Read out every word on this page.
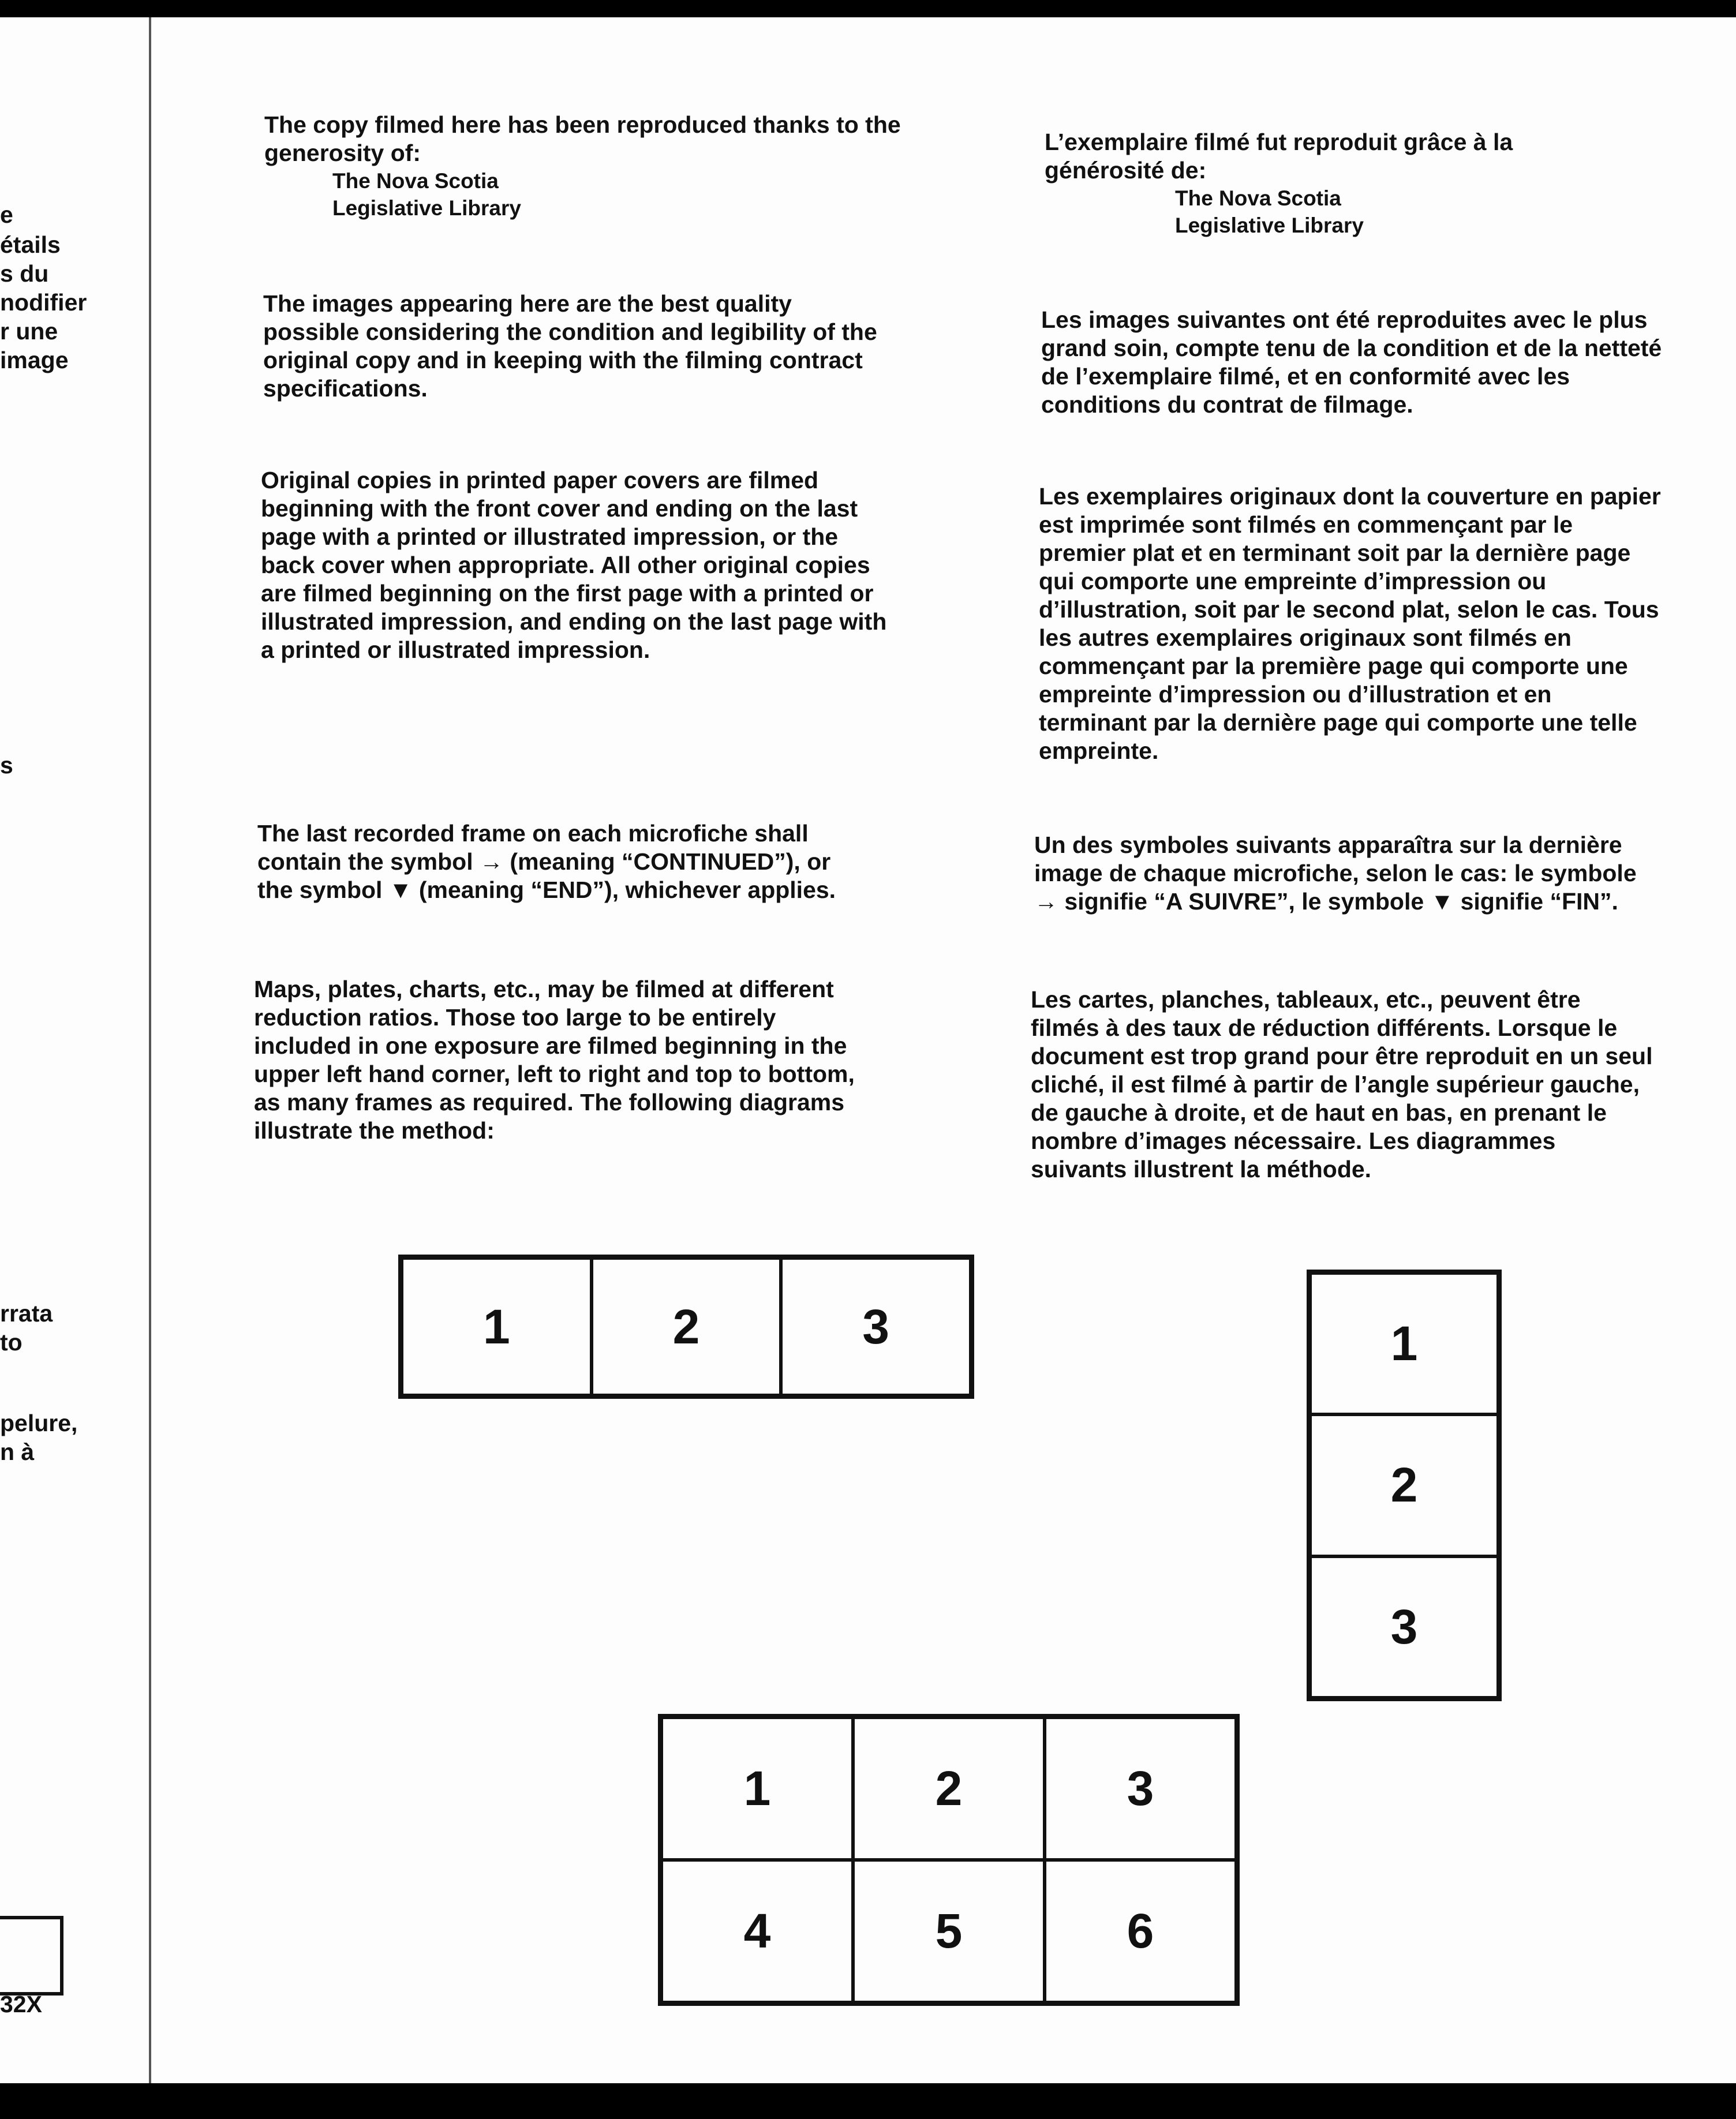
e
étails
s du
nodifier
r une
image
s
rrata
to
pelure,
n à
32X
The copy filmed here has been reproduced thanks to the generosity of:
The Nova Scotia
Legislative Library

The images appearing here are the best quality possible considering the condition and legibility of the original copy and in keeping with the filming contract specifications.

Original copies in printed paper covers are filmed beginning with the front cover and ending on the last page with a printed or illustrated impression, or the back cover when appropriate. All other original copies are filmed beginning on the first page with a printed or illustrated impression, and ending on the last page with a printed or illustrated impression.

The last recorded frame on each microfiche shall contain the symbol → (meaning “CONTINUED”), or the symbol ▼ (meaning “END”), whichever applies.

Maps, plates, charts, etc., may be filmed at different reduction ratios. Those too large to be entirely included in one exposure are filmed beginning in the upper left hand corner, left to right and top to bottom, as many frames as required. The following diagrams illustrate the method:

L’exemplaire filmé fut reproduit grâce à la générosité de:
The Nova Scotia
Legislative Library

Les images suivantes ont été reproduites avec le plus grand soin, compte tenu de la condition et de la netteté de l’exemplaire filmé, et en conformité avec les conditions du contrat de filmage.

Les exemplaires originaux dont la couverture en papier est imprimée sont filmés en commençant par le premier plat et en terminant soit par la dernière page qui comporte une empreinte d’impression ou d’illustration, soit par le second plat, selon le cas. Tous les autres exemplaires originaux sont filmés en commençant par la première page qui comporte une empreinte d’impression ou d’illustration et en terminant par la dernière page qui comporte une telle empreinte.

Un des symboles suivants apparaîtra sur la dernière image de chaque microfiche, selon le cas: le symbole → signifie “A SUIVRE”, le symbole ▼ signifie “FIN”.

Les cartes, planches, tableaux, etc., peuvent être filmés à des taux de réduction différents. Lorsque le document est trop grand pour être reproduit en un seul cliché, il est filmé à partir de l’angle supérieur gauche, de gauche à droite, et de haut en bas, en prenant le nombre d’images nécessaire. Les diagrammes suivants illustrent la méthode.

1	2	3	1
2
3
1	2	3
4	5	6
